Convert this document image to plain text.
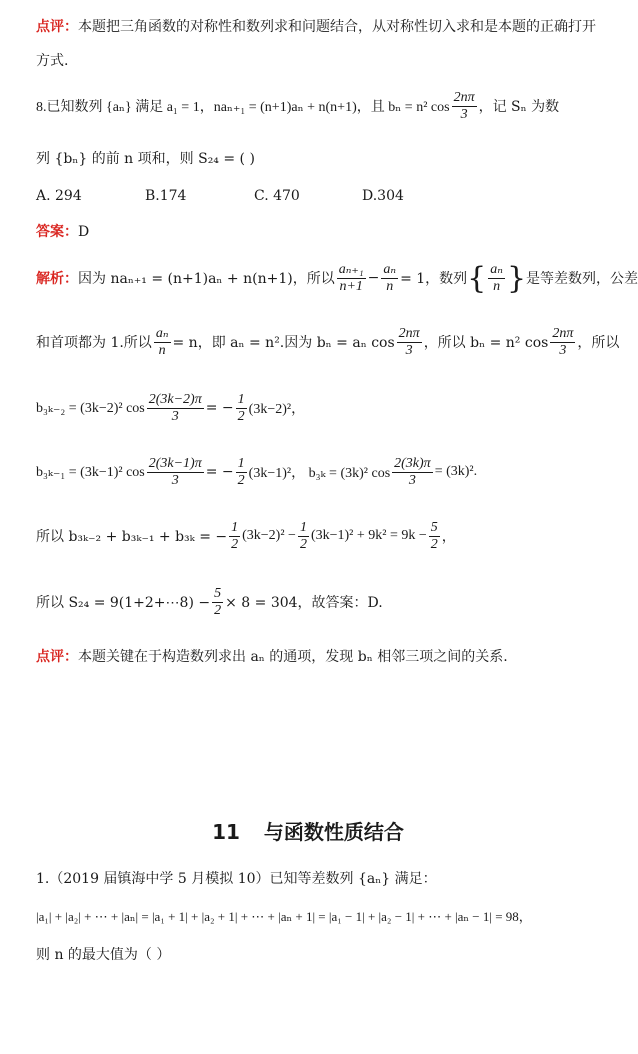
点评：本题把三角函数的对称性和数列求和问题结合，从对称性切入求和是本题的正确打开
方式.
8.已知数列 {aₙ} 满足 a₁ = 1，naₙ₊₁ = (n+1)aₙ + n(n+1)，且 bₙ = n² $\cos \frac{2n\pi}{3}$ ，记 Sₙ 为数
列 {bₙ} 的前 n 项和，则 S₂₄ = ( )
A. 294	B.174	C. 470	D.304
答案：D
解析： 因为 naₙ₊₁ = (n+1)aₙ + n(n+1)，所以 $\frac{\text{aₙ₊₁}}{n+1} - \frac{\text{aₙ}}{n} = 1$，数列 { $\frac{\text{aₙ}}{n}$ } 是等差数列，公差
和首项都为 1.所以 $\frac{\text{aₙ}}{n} = n$，即 aₙ = n².因为 bₙ = aₙ $\cos \frac{2n\pi}{3}$ ，所以 bₙ = n² $\cos \frac{2n\pi}{3}$ ，所以
b₃ₖ₋₂ = (3k−2)² $\cos \frac{2(3k-2)\pi}{3}$ = − $\frac{1}{2} (3k-2)^2$，
b₃ₖ₋₁ = (3k−1)² $\cos \frac{2(3k-1)\pi}{3}$ = − $\frac{1}{2} (3k-1)^2$， b₃ₖ = (3k)² $\cos \frac{2(3k)\pi}{3} = (3k)^2$.
所以 b₃ₖ₋₂ + b₃ₖ₋₁ + b₃ₖ = − $\frac{1}{2} (3k-2)^2 - \frac{1}{2} (3k-1)^2 + 9k^2 = 9k - \frac{5}{2}$ ，
所以 S₂₄ = 9(1+2+⋯8) − $\frac{5}{2} \times 8 = 304$，故答案：D.
点评：本题关键在于构造数列求出 aₙ 的通项，发现 bₙ 相邻三项之间的关系.
11 与函数性质结合
1.（2019 届镇海中学 5 月模拟 10）已知等差数列 {aₙ} 满足：
|a₁| + |a₂| + ⋯ + |aₙ| = |a₁ + 1| + |a₂ + 1| + ⋯ + |aₙ + 1| = |a₁ − 1| + |a₂ − 1| + ⋯ + |aₙ − 1| = 98，
则 n 的最大值为（ ）
